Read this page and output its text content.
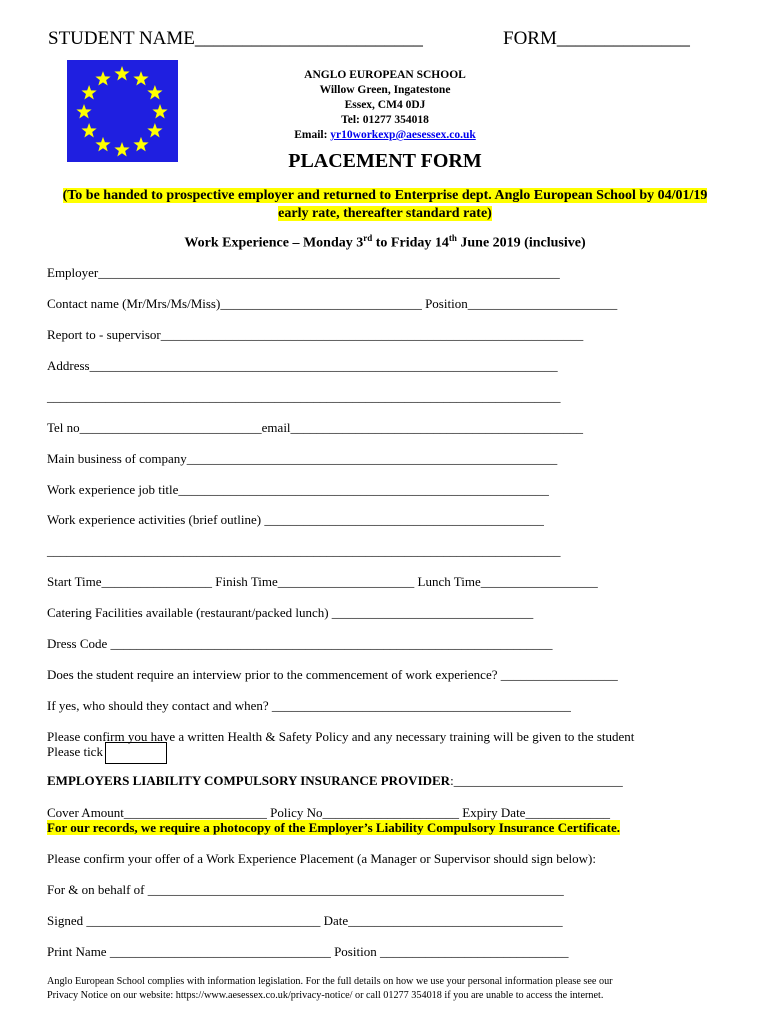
STUDENT NAME________________________	FORM______________
ANGLO EUROPEAN SCHOOL
Willow Green, Ingatestone
Essex, CM4 0DJ
Tel: 01277 354018
Email: yr10workexp@aesessex.co.uk
PLACEMENT FORM
(To be handed to prospective employer and returned to Enterprise dept. Anglo European School by 04/01/19 early rate, thereafter standard rate)
Work Experience – Monday 3rd to Friday 14th June 2019 (inclusive)
Employer_______________________________________________________________________
Contact name (Mr/Mrs/Ms/Miss)_______________________________ Position_______________________
Report to - supervisor_________________________________________________________________
Address________________________________________________________________________
_______________________________________________________________________________
Tel no____________________________email_____________________________________________
Main business of company_________________________________________________________
Work experience job title_________________________________________________________
Work experience activities (brief outline) ___________________________________________
_______________________________________________________________________________
Start Time_________________ Finish Time_____________________ Lunch Time__________________
Catering Facilities available (restaurant/packed lunch) _______________________________
Dress Code ____________________________________________________________________
Does the student require an interview prior to the commencement of work experience? __________________
If yes, who should they contact and when? ______________________________________________
Please confirm you have a written Health & Safety Policy and any necessary training will be given to the student
Please tick
EMPLOYERS LIABILITY COMPULSORY INSURANCE PROVIDER:__________________________
Cover Amount______________________ Policy No_____________________ Expiry Date_____________
For our records, we require a photocopy of the Employer’s Liability Compulsory Insurance Certificate.
Please confirm your offer of a Work Experience Placement (a Manager or Supervisor should sign below):
For & on behalf of ________________________________________________________________
Signed ____________________________________ Date_________________________________
Print Name __________________________________ Position _____________________________
Anglo European School complies with information legislation. For the full details on how we use your personal information please see our
Privacy Notice on our website: https://www.aesessex.co.uk/privacy-notice/ or call 01277 354018 if you are unable to access the internet.
